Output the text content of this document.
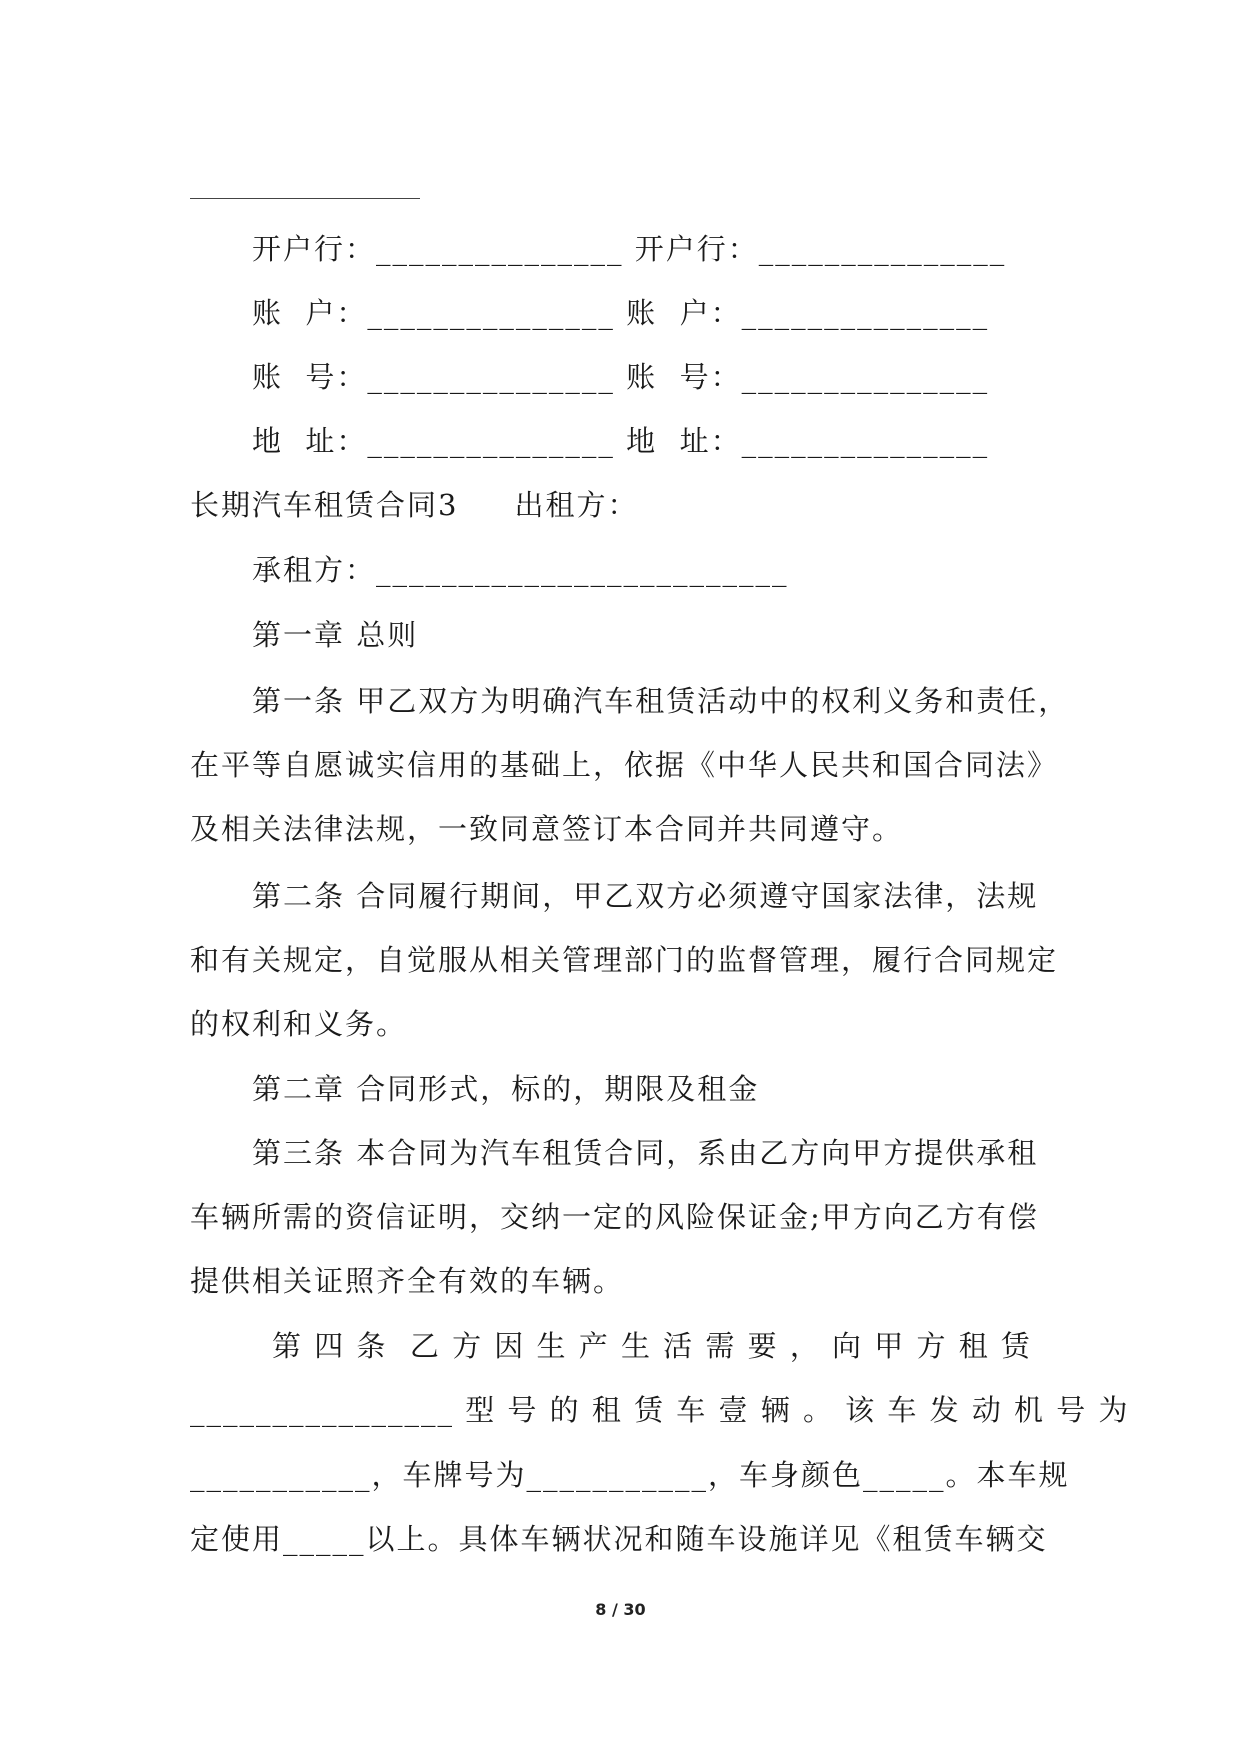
开户行：_______________ 开户行：_______________
账  户：_______________ 账  户：_______________
账  号：_______________ 账  号：_______________
地  址：_______________ 地  址：_______________
长期汽车租赁合同3     出租方：
承租方：_________________________
第一章 总则
第一条 甲乙双方为明确汽车租赁活动中的权利义务和责任，
在平等自愿诚实信用的基础上，依据《中华人民共和国合同法》
及相关法律法规，一致同意签订本合同并共同遵守。
第二条 合同履行期间，甲乙双方必须遵守国家法律，法规
和有关规定，自觉服从相关管理部门的监督管理，履行合同规定
的权利和义务。
第二章 合同形式，标的，期限及租金
第三条 本合同为汽车租赁合同，系由乙方向甲方提供承租
车辆所需的资信证明，交纳一定的风险保证金;甲方向乙方有偿
提供相关证照齐全有效的车辆。
第 四 条  乙 方 因 生 产 生 活 需 要 ， 向 甲 方 租 赁
________________ 型 号 的 租 赁 车 壹 辆 。 该 车 发 动 机 号 为
___________，车牌号为___________，车身颜色_____。本车规
定使用_____以上。具体车辆状况和随车设施详见《租赁车辆交
8 / 30
